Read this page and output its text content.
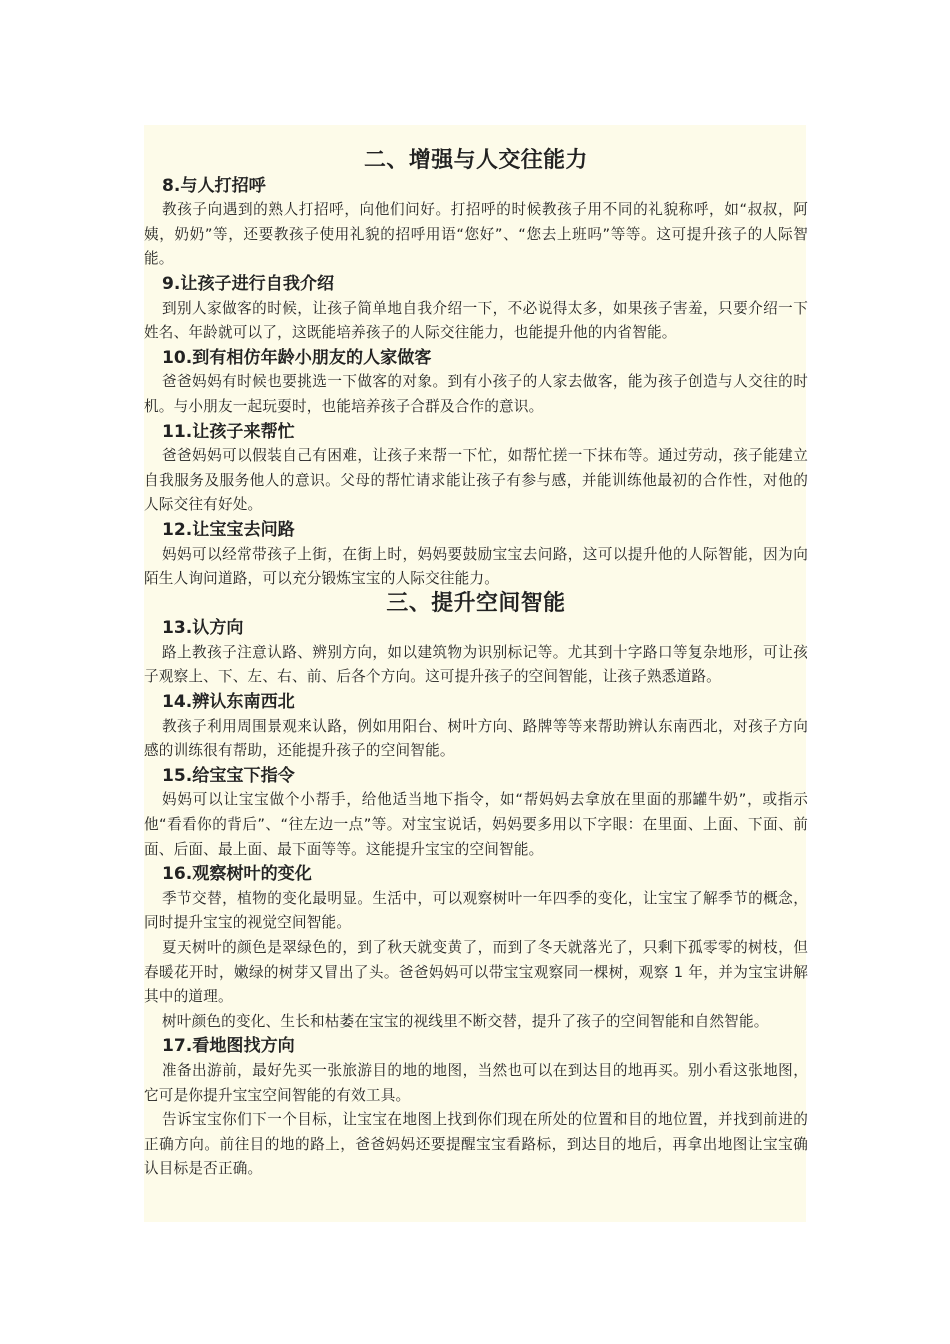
二、增强与人交往能力
8.与人打招呼

教孩子向遇到的熟人打招呼，向他们问好。打招呼的时候教孩子用不同的礼貌称呼，如“叔叔，阿姨，奶奶”等，还要教孩子使用礼貌的招呼用语“您好”、“您去上班吗”等等。这可提升孩子的人际智能。

9.让孩子进行自我介绍

到别人家做客的时候，让孩子简单地自我介绍一下，不必说得太多，如果孩子害羞，只要介绍一下姓名、年龄就可以了，这既能培养孩子的人际交往能力，也能提升他的内省智能。

10.到有相仿年龄小朋友的人家做客

爸爸妈妈有时候也要挑选一下做客的对象。到有小孩子的人家去做客，能为孩子创造与人交往的时机。与小朋友一起玩耍时，也能培养孩子合群及合作的意识。

11.让孩子来帮忙

爸爸妈妈可以假装自己有困难，让孩子来帮一下忙，如帮忙搓一下抹布等。通过劳动，孩子能建立自我服务及服务他人的意识。父母的帮忙请求能让孩子有参与感，并能训练他最初的合作性，对他的人际交往有好处。

12.让宝宝去问路

妈妈可以经常带孩子上街，在街上时，妈妈要鼓励宝宝去问路，这可以提升他的人际智能，因为向陌生人询问道路，可以充分锻炼宝宝的人际交往能力。

三、提升空间智能
13.认方向

路上教孩子注意认路、辨别方向，如以建筑物为识别标记等。尤其到十字路口等复杂地形，可让孩子观察上、下、左、右、前、后各个方向。这可提升孩子的空间智能，让孩子熟悉道路。

14.辨认东南西北

教孩子利用周围景观来认路，例如用阳台、树叶方向、路牌等等来帮助辨认东南西北，对孩子方向感的训练很有帮助，还能提升孩子的空间智能。

15.给宝宝下指令

妈妈可以让宝宝做个小帮手，给他适当地下指令，如“帮妈妈去拿放在里面的那罐牛奶”，或指示他“看看你的背后”、“往左边一点”等。对宝宝说话，妈妈要多用以下字眼：在里面、上面、下面、前面、后面、最上面、最下面等等。这能提升宝宝的空间智能。

16.观察树叶的变化

季节交替，植物的变化最明显。生活中，可以观察树叶一年四季的变化，让宝宝了解季节的概念，同时提升宝宝的视觉空间智能。

夏天树叶的颜色是翠绿色的，到了秋天就变黄了，而到了冬天就落光了，只剩下孤零零的树枝，但春暖花开时，嫩绿的树芽又冒出了头。爸爸妈妈可以带宝宝观察同一棵树，观察 1 年，并为宝宝讲解其中的道理。

树叶颜色的变化、生长和枯萎在宝宝的视线里不断交替，提升了孩子的空间智能和自然智能。

17.看地图找方向

准备出游前，最好先买一张旅游目的地的地图，当然也可以在到达目的地再买。别小看这张地图，它可是你提升宝宝空间智能的有效工具。

告诉宝宝你们下一个目标，让宝宝在地图上找到你们现在所处的位置和目的地位置，并找到前进的正确方向。前往目的地的路上，爸爸妈妈还要提醒宝宝看路标，到达目的地后，再拿出地图让宝宝确认目标是否正确。
